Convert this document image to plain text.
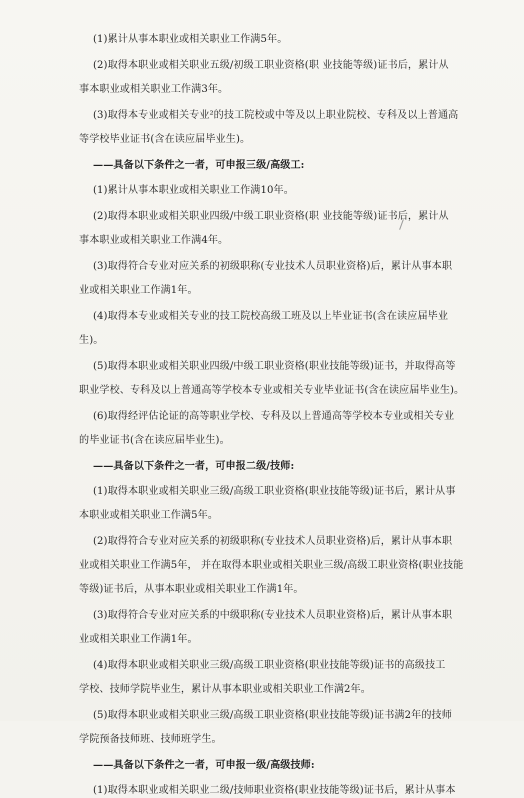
(1)累计从事本职业或相关职业工作满5年。
(2)取得本职业或相关职业五级/初级工职业资格(职 业技能等级)证书后，累计从
事本职业或相关职业工作满3年。
(3)取得本专业或相关专业²的技工院校或中等及以上职业院校、专科及以上普通高
等学校毕业证书(含在读应届毕业生)。
——具备以下条件之一者，可申报三级/高级工:
(1)累计从事本职业或相关职业工作满10年。
(2)取得本职业或相关职业四级/中级工职业资格(职 业技能等级)证书后，累计从
事本职业或相关职业工作满4年。
(3)取得符合专业对应关系的初级职称(专业技术人员职业资格)后，累计从事本职
业或相关职业工作满1年。
(4)取得本专业或相关专业的技工院校高级工班及以上毕业证书(含在读应届毕业
生)。
(5)取得本职业或相关职业四级/中级工职业资格(职业技能等级)证书，并取得高等
职业学校、专科及以上普通高等学校本专业或相关专业毕业证书(含在读应届毕业生)。
(6)取得经评估论证的高等职业学校、专科及以上普通高等学校本专业或相关专业
的毕业证书(含在读应届毕业生)。
——具备以下条件之一者，可申报二级/技师:
(1)取得本职业或相关职业三级/高级工职业资格(职业技能等级)证书后，累计从事
本职业或相关职业工作满5年。
(2)取得符合专业对应关系的初级职称(专业技术人员职业资格)后，累计从事本职
业或相关职业工作满5年， 并在取得本职业或相关职业三级/高级工职业资格(职业技能
等级)证书后，从事本职业或相关职业工作满1年。
(3)取得符合专业对应关系的中级职称(专业技术人员职业资格)后，累计从事本职
业或相关职业工作满1年。
(4)取得本职业或相关职业三级/高级工职业资格(职业技能等级)证书的高级技工
学校、技师学院毕业生，累计从事本职业或相关职业工作满2年。
(5)取得本职业或相关职业三级/高级工职业资格(职业技能等级)证书满2年的技师
学院预备技师班、技师班学生。
——具备以下条件之一者，可申报一级/高级技师:
(1)取得本职业或相关职业二级/技师职业资格(职业技能等级)证书后，累计从事本
